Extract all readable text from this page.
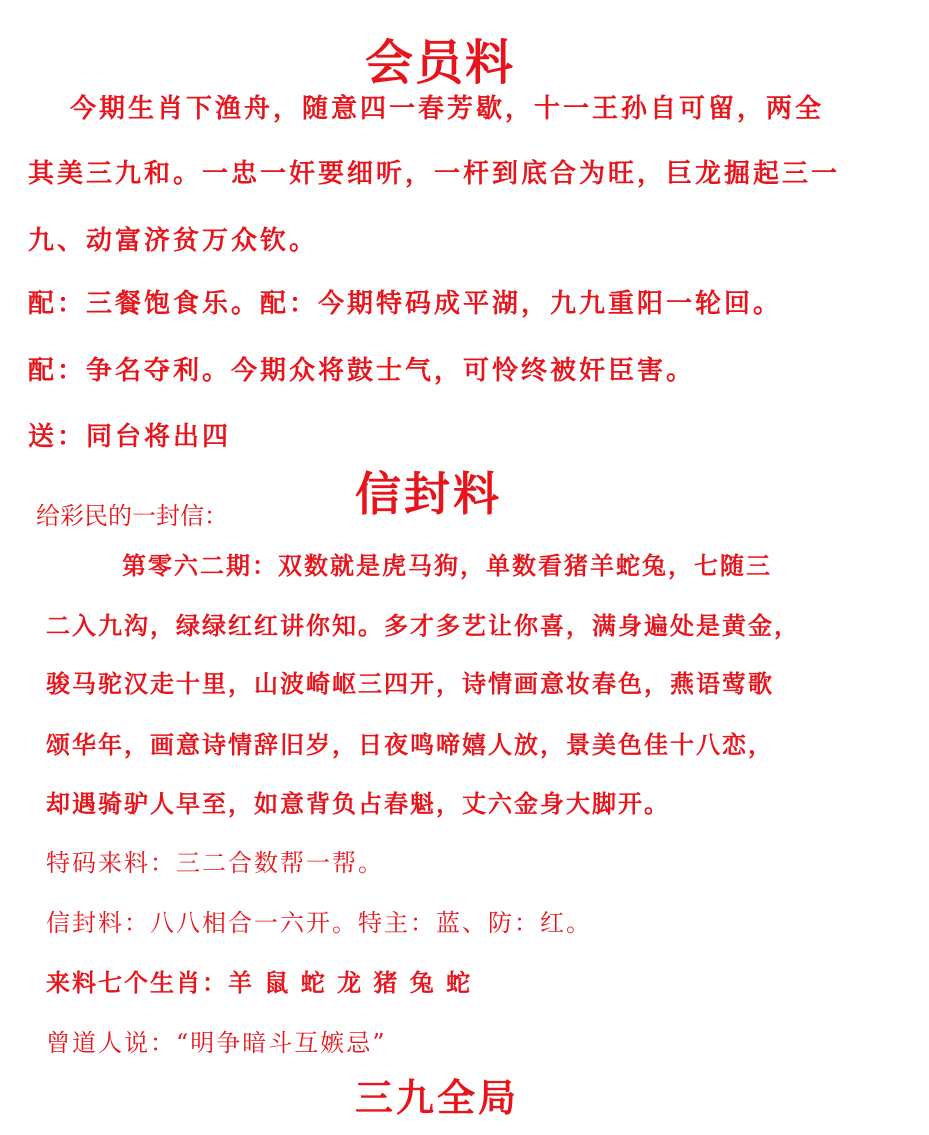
会员料

今期生肖下渔舟，随意四一春芳歇，十一王孙自可留，两全

其美三九和。一忠一奸要细听，一杆到底合为旺，巨龙掘起三一

九、动富济贫万众钦。

配：三餐饱食乐。配：今期特码成平湖，九九重阳一轮回。

配：争名夺利。今期众将鼓士气，可怜终被奸臣害。

送：同台将出四

信封料

给彩民的一封信：

第零六二期：双数就是虎马狗，单数看猪羊蛇兔，七随三

二入九沟，绿绿红红讲你知。多才多艺让你喜，满身遍处是黄金，

骏马驼汉走十里，山波崎岖三四开，诗情画意妆春色，燕语莺歌

颂华年，画意诗情辞旧岁，日夜鸣啼嬉人放，景美色佳十八恋，

却遇骑驴人早至，如意背负占春魁，丈六金身大脚开。

特码来料：三二合数帮一帮。

信封料：八八相合一六开。特主：蓝、防：红。

来料七个生肖：羊 鼠 蛇 龙 猪 兔 蛇

曾道人说：“明争暗斗互嫉忌”

三九全局
